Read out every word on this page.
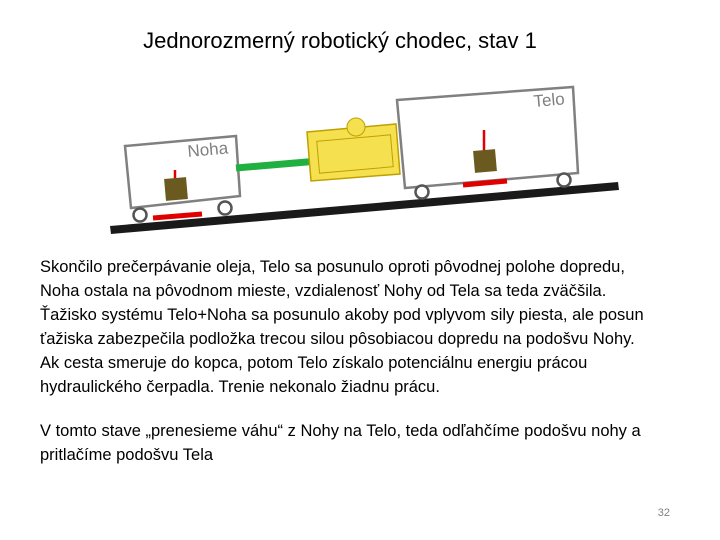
Jednorozmerný robotický chodec, stav 1
Noha
Telo

Skončilo prečerpávanie oleja, Telo sa posunulo oproti pôvodnej polohe dopredu,
Noha ostala na pôvodnom mieste, vzdialenosť Nohy od Tela sa teda zväčšila.
Ťažisko systému Telo+Noha sa posunulo akoby pod vplyvom sily piesta, ale posun
ťažiska zabezpečila podložka trecou silou pôsobiacou dopredu na podošvu Nohy.
Ak cesta smeruje do kopca, potom Telo získalo potenciálnu energiu prácou
hydraulického čerpadla. Trenie nekonalo žiadnu prácu.

V tomto stave „prenesieme váhu“ z Nohy na Telo, teda odľahčíme podošvu nohy a
pritlačíme podošvu Tela

32
